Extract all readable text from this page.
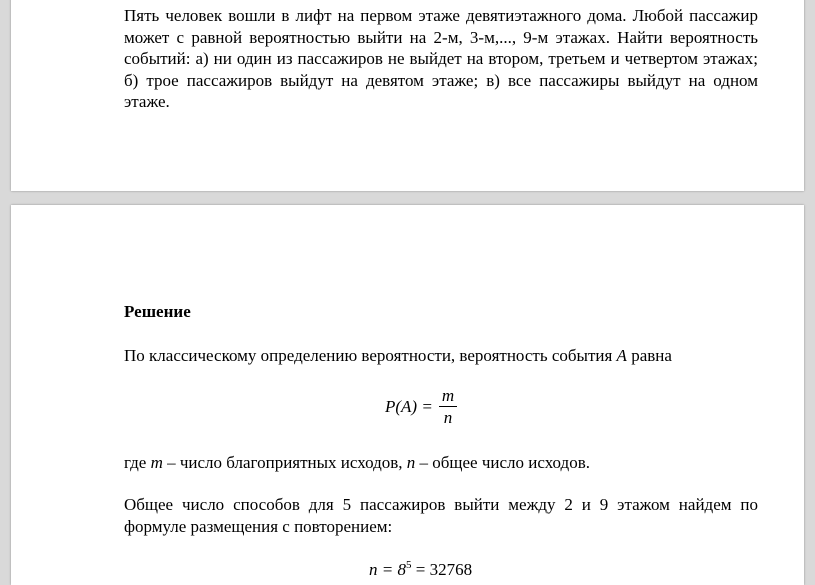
Пять человек вошли в лифт на первом этаже девятиэтажного дома. Любой пассажир может с равной вероятностью выйти на 2-м, 3-м,..., 9-м этажах. Найти вероятность событий: а) ни один из пассажиров не выйдет на втором, третьем и четвертом этажах; б) трое пассажиров выйдут на девятом этаже; в) все пассажиры выйдут на одном этаже.
Решение
По классическому определению вероятности, вероятность события A равна
$P(A) = \frac{m}{n}$
где m – число благоприятных исходов, n – общее число исходов.
Общее число способов для 5 пассажиров выйти между 2 и 9 этажом найдем по формуле размещения с повторением:
$n = 8^5 = 32768$
